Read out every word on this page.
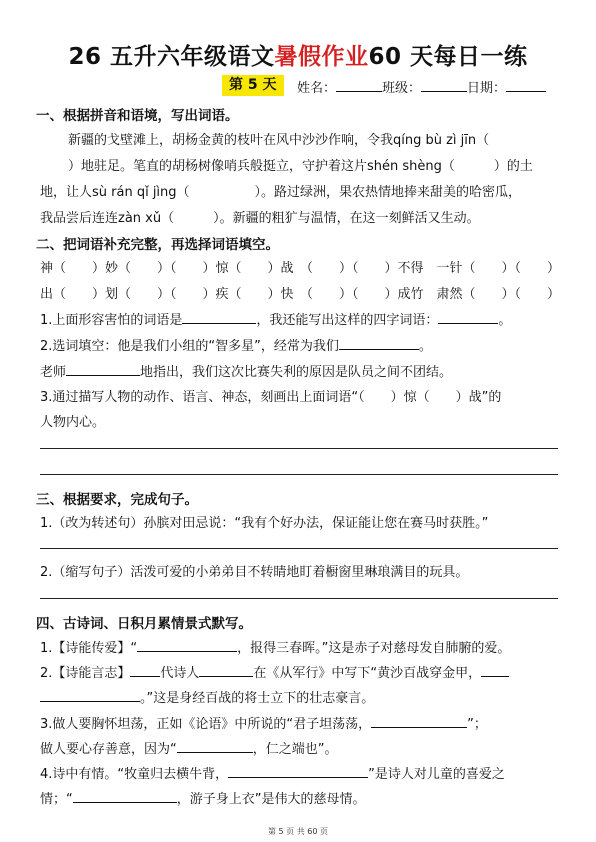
26 五升六年级语文暑假作业60 天每日一练
第 5 天	姓名：	班级：	日期：
一、根据拼音和语境，写出词语。
新疆的戈壁滩上，胡杨金黄的枝叶在风中沙沙作响，令我qíng bù zì jīn（
）地驻足。笔直的胡杨树像哨兵般挺立，守护着这片shén shèng（　　　）的土
地，让人sù rán qǐ jìng（　　　　　）。路过绿洲，果农热情地捧来甜美的哈密瓜，
我品尝后连连zàn xǔ（　　　）。新疆的粗犷与温情，在这一刻鲜活又生动。
二、把词语补充完整，再选择词语填空。
神（　　）妙（　　）（　　）惊（　　）战　（　　）（　　）不得　一针（　　）（　　）
出（　　）划（　　）（　　）疾（　　）快　（　　）（　　）成竹　肃然（　　）（　　）
1.上面形容害怕的词语是	，我还能写出这样的四字词语：	。
2.选词填空：他是我们小组的“智多星”，经常为我们	。
老师	地指出，我们这次比赛失利的原因是队员之间不团结。
3.通过描写人物的动作、语言、神态，刻画出上面词语“（　　）惊（　　）战”的
人物内心。
三、根据要求，完成句子。
1.（改为转述句）孙膑对田忌说：“我有个好办法，保证能让您在赛马时获胜。”
2.（缩写句子）活泼可爱的小弟弟目不转睛地盯着橱窗里琳琅满目的玩具。
四、古诗词、日积月累情景式默写。
1.【诗能传爱】“	，报得三春晖。”这是赤子对慈母发自肺腑的爱。
2.【诗能言志】 代诗人	在《从军行》中写下“黄沙百战穿金甲，
。”这是身经百战的将士立下的壮志豪言。
3.做人要胸怀坦荡，正如《论语》中所说的“君子坦荡荡，	”；
做人要心存善意，因为“	，仁之端也”。
4.诗中有情。“牧童归去横牛背，	”是诗人对儿童的喜爱之
情；“	，游子身上衣”是伟大的慈母情。
第 5 页 共 60 页
